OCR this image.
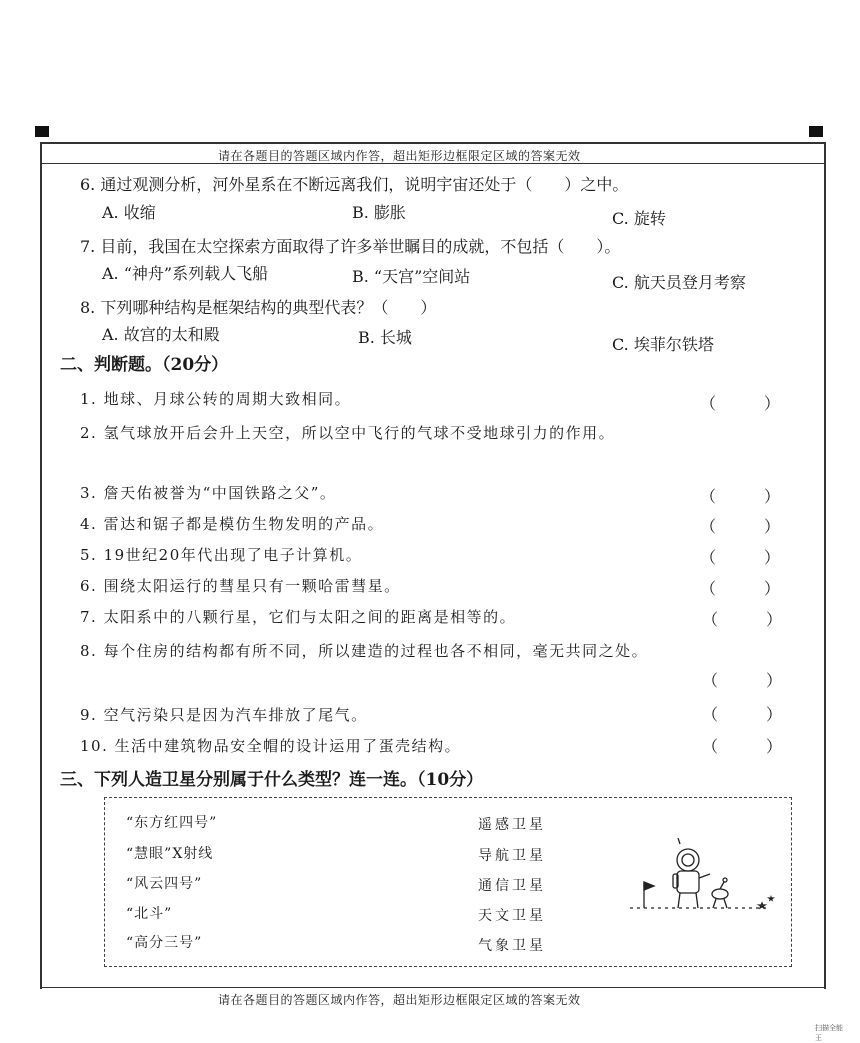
请在各题目的答题区域内作答，超出矩形边框限定区域的答案无效
6. 通过观测分析，河外星系在不断远离我们，说明宇宙还处于（　　）之中。
A. 收缩	B. 膨胀	C. 旋转
7. 目前，我国在太空探索方面取得了许多举世瞩目的成就，不包括（　　）。
A. “神舟”系列载人飞船	B. “天宫”空间站	C. 航天员登月考察
8. 下列哪种结构是框架结构的典型代表？（　　）
A. 故宫的太和殿	B. 长城	C. 埃菲尔铁塔
二、判断题。（20分）
1. 地球、月球公转的周期大致相同。	（　　　）
2. 氢气球放开后会升上天空，所以空中飞行的气球不受地球引力的作用。
3. 詹天佑被誉为“中国铁路之父”。	（　　　）
4. 雷达和锯子都是模仿生物发明的产品。	（　　　）
5. 19世纪20年代出现了电子计算机。	（　　　）
6. 围绕太阳运行的彗星只有一颗哈雷彗星。	（　　　）
7. 太阳系中的八颗行星，它们与太阳之间的距离是相等的。	（　　　）
8. 每个住房的结构都有所不同，所以建造的过程也各不相同，毫无共同之处。
（　　　）
9. 空气污染只是因为汽车排放了尾气。	（　　　）
10. 生活中建筑物品安全帽的设计运用了蛋壳结构。	（　　　）
三、下列人造卫星分别属于什么类型？连一连。（10分）
“东方红四号”
“慧眼”X射线
“风云四号”
“北斗”
“高分三号”
遥感卫星
导航卫星
通信卫星
天文卫星
气象卫星
请在各题目的答题区域内作答，超出矩形边框限定区域的答案无效
扫描全能王
